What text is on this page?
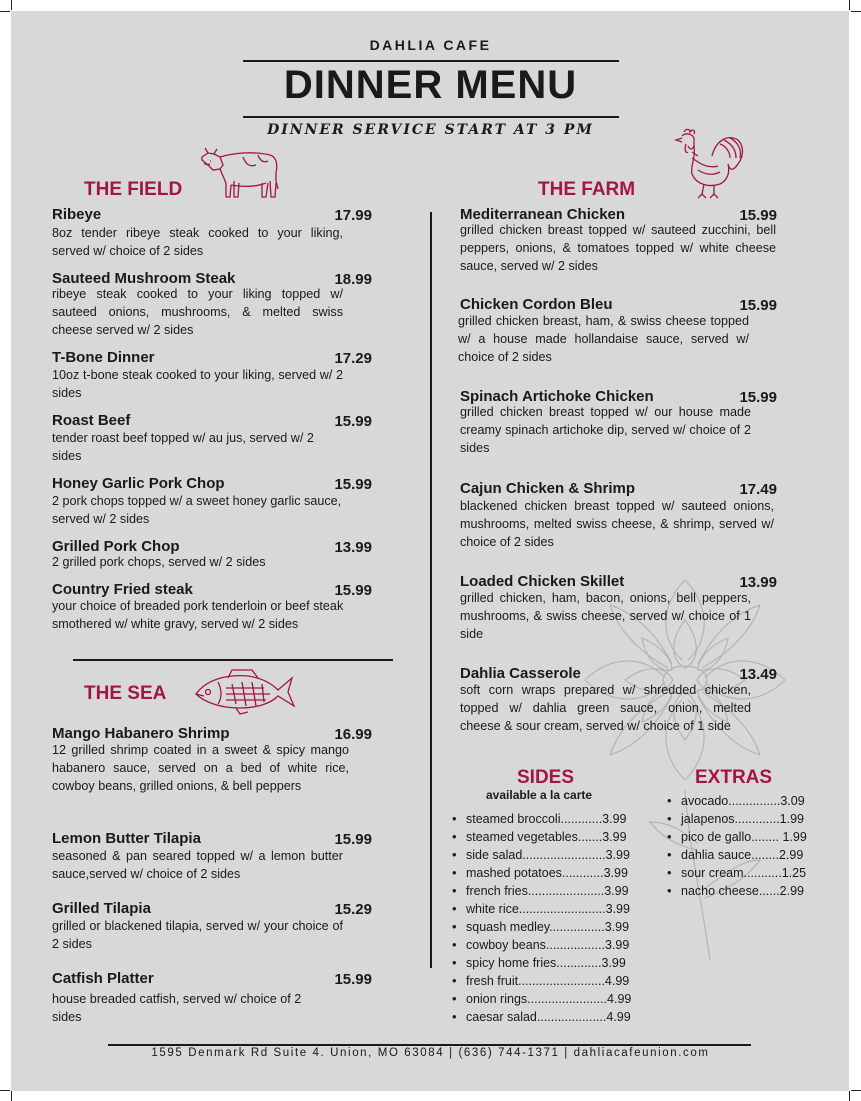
DAHLIA CAFE
DINNER MENU
DINNER SERVICE START AT 3 PM
THE FIELD
Ribeye	17.99
8oz tender ribeye steak cooked to your liking, served w/ choice of 2 sides
Sauteed Mushroom Steak	18.99
ribeye steak cooked to your liking topped w/ sauteed onions, mushrooms, & melted swiss cheese served w/ 2 sides
T-Bone Dinner	17.29
10oz t-bone steak cooked to your liking, served w/ 2 sides
Roast Beef	15.99
tender roast beef topped w/ au jus, served w/ 2 sides
Honey Garlic Pork Chop	15.99
2 pork chops topped w/ a sweet honey garlic sauce, served w/ 2 sides
Grilled Pork Chop	13.99
2 grilled pork chops, served w/ 2 sides
Country Fried steak	15.99
your choice of breaded pork tenderloin or beef steak smothered w/ white gravy, served w/ 2 sides
THE SEA
Mango Habanero Shrimp	16.99
12 grilled shrimp coated in a sweet & spicy mango habanero sauce, served on a bed of white rice, cowboy beans, grilled onions, & bell peppers
Lemon Butter Tilapia	15.99
seasoned & pan seared topped w/ a lemon butter sauce,served w/ choice of 2 sides
Grilled Tilapia	15.29
grilled or blackened tilapia, served w/ your choice of 2 sides
Catfish Platter	15.99
house breaded catfish, served w/ choice of 2 sides
THE FARM
Mediterranean Chicken	15.99
grilled chicken breast topped w/ sauteed zucchini, bell peppers, onions, & tomatoes topped w/ white cheese sauce, served w/ 2 sides
Chicken Cordon Bleu	15.99
grilled chicken breast, ham, & swiss cheese topped w/ a house made hollandaise sauce, served w/ choice of 2 sides
Spinach Artichoke Chicken	15.99
grilled chicken breast topped w/ our house made creamy spinach artichoke dip, served w/ choice of 2 sides
Cajun Chicken & Shrimp	17.49
blackened chicken breast topped w/ sauteed onions, mushrooms, melted swiss cheese, & shrimp, served w/ choice of 2 sides
Loaded Chicken Skillet	13.99
grilled chicken, ham, bacon, onions, bell peppers, mushrooms, & swiss cheese, served w/ choice of 1 side
Dahlia Casserole	13.49
soft corn wraps prepared w/ shredded chicken, topped w/ dahlia green sauce, onion, melted cheese & sour cream, served w/ choice of 1 side
SIDES
available a la carte
• steamed broccoli............3.99
• steamed vegetables.......3.99
• side salad........................3.99
• mashed potatoes............3.99
• french fries......................3.99
• white rice.........................3.99
• squash medley................3.99
• cowboy beans.................3.99
• spicy home fries.............3.99
• fresh fruit.........................4.99
• onion rings.......................4.99
• caesar salad....................4.99
EXTRAS
• avocado...............3.09
• jalapenos.............1.99
• pico de gallo........ 1.99
• dahlia sauce........2.99
• sour cream...........1.25
• nacho cheese......2.99
1595 Denmark Rd Suite 4. Union, MO 63084 | (636) 744-1371 | dahliacafeunion.com
